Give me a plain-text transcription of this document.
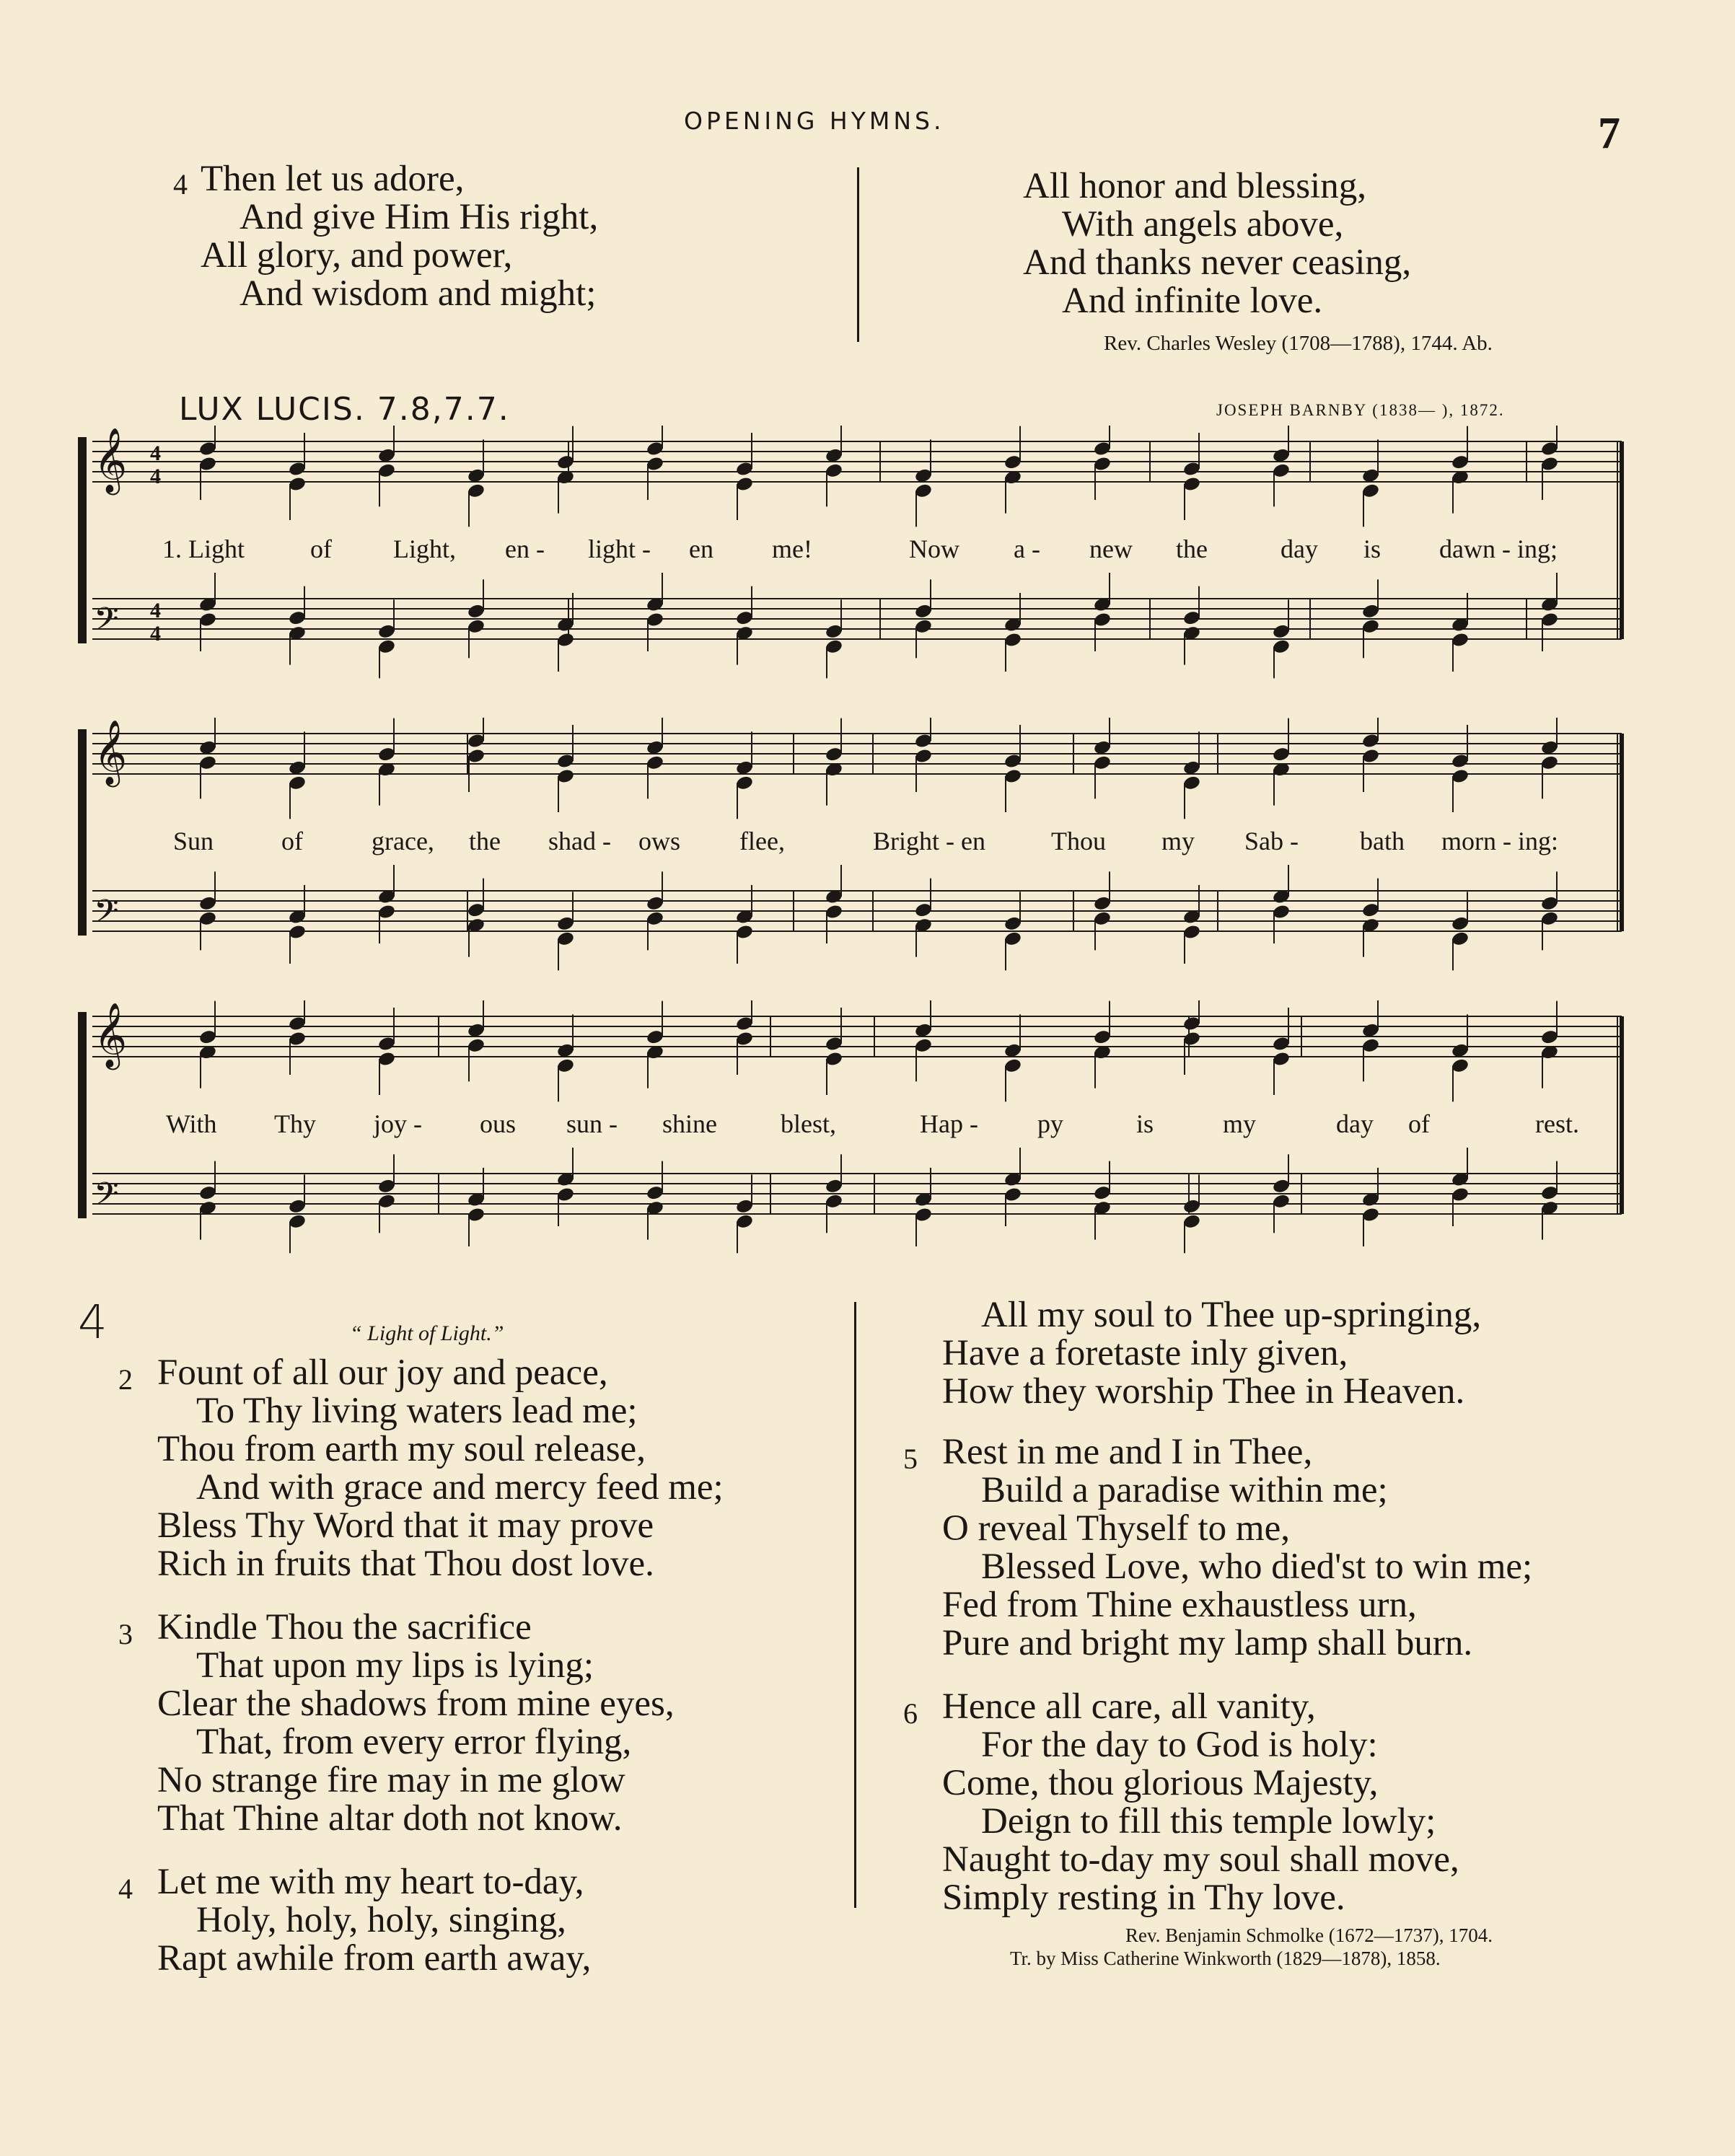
OPENING HYMNS.	7
4 Then let us adore,
And give Him His right,
All glory, and power,
And wisdom and might;
All honor and blessing,
With angels above,
And thanks never ceasing,
And infinite love.
Rev. Charles Wesley (1708—1788), 1744. Ab.
LUX LUCIS. 7.8,7.7.	JOSEPH BARNBY (1838— ), 1872.
𝄞 4
4
𝄢 4
4
1. Light	of Light, en - light - en me!	Now a - new the	day is dawn - ing;
𝄞
𝄢
Sun	of	grace, the shad - ows flee,	Bright - en	Thou my Sab - bath morn - ing:
𝄞
𝄢
With Thy joy - ous sun - shine blest,	Hap - py	is	my	day of	rest.
4	“ Light of Light.”
2 Fount of all our joy and peace,
To Thy living waters lead me;
Thou from earth my soul release,
And with grace and mercy feed me;
Bless Thy Word that it may prove
Rich in fruits that Thou dost love.
3 Kindle Thou the sacrifice
That upon my lips is lying;
Clear the shadows from mine eyes,
That, from every error flying,
No strange fire may in me glow
That Thine altar doth not know.
4 Let me with my heart to-day,
Holy, holy, holy, singing,
Rapt awhile from earth away,
All my soul to Thee up-springing,
Have a foretaste inly given,
How they worship Thee in Heaven.
5 Rest in me and I in Thee,
Build a paradise within me;
O reveal Thyself to me,
Blessed Love, who died'st to win me;
Fed from Thine exhaustless urn,
Pure and bright my lamp shall burn.
6 Hence all care, all vanity,
For the day to God is holy:
Come, thou glorious Majesty,
Deign to fill this temple lowly;
Naught to-day my soul shall move,
Simply resting in Thy love.
Rev. Benjamin Schmolke (1672—1737), 1704.
Tr. by Miss Catherine Winkworth (1829—1878), 1858.
